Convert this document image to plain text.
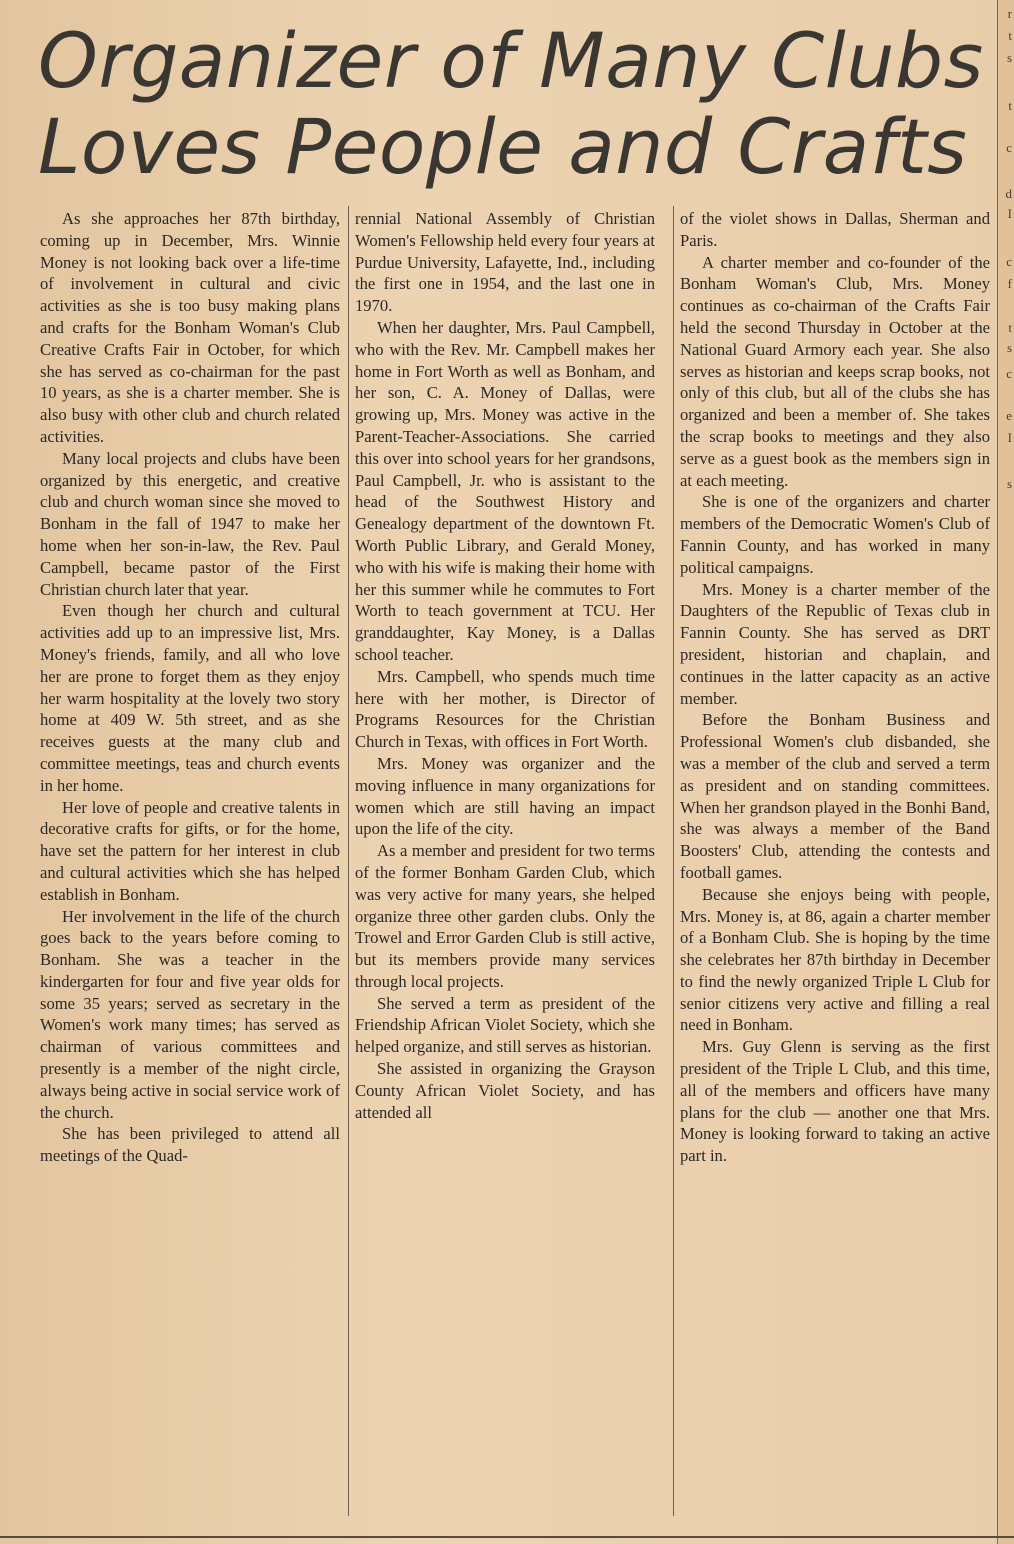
r
t
s
t
c
d
I
c
f
t
s
c
e
I
s
Organizer of Many Clubs
Loves People and Crafts

As she approaches her 87th birthday, coming up in December, Mrs. Winnie Money is not looking back over a life-time of involvement in cultural and civic activities as she is too busy making plans and crafts for the Bonham Woman's Club Creative Crafts Fair in October, for which she has served as co-chairman for the past 10 years, as she is a charter member. She is also busy with other club and church related activities.

Many local projects and clubs have been organized by this energetic, and creative club and church woman since she moved to Bonham in the fall of 1947 to make her home when her son-in-law, the Rev. Paul Campbell, became pastor of the First Christian church later that year.

Even though her church and cultural activities add up to an impressive list, Mrs. Money's friends, family, and all who love her are prone to forget them as they enjoy her warm hospitality at the lovely two story home at 409 W. 5th street, and as she receives guests at the many club and committee meetings, teas and church events in her home.

Her love of people and creative talents in decorative crafts for gifts, or for the home, have set the pattern for her interest in club and cultural activities which she has helped establish in Bonham.

Her involvement in the life of the church goes back to the years before coming to Bonham. She was a teacher in the kindergarten for four and five year olds for some 35 years; served as secretary in the Women's work many times; has served as chairman of various committees and presently is a member of the night circle, always being active in social service work of the church.

She has been privileged to attend all meetings of the Quad-

rennial National Assembly of Christian Women's Fellowship held every four years at Purdue University, Lafayette, Ind., including the first one in 1954, and the last one in 1970.

When her daughter, Mrs. Paul Campbell, who with the Rev. Mr. Campbell makes her home in Fort Worth as well as Bonham, and her son, C. A. Money of Dallas, were growing up, Mrs. Money was active in the Parent-Teacher-Associations. She carried this over into school years for her grandsons, Paul Campbell, Jr. who is assistant to the head of the Southwest History and Genealogy department of the downtown Ft. Worth Public Library, and Gerald Money, who with his wife is making their home with her this summer while he commutes to Fort Worth to teach government at TCU. Her granddaughter, Kay Money, is a Dallas school teacher.

Mrs. Campbell, who spends much time here with her mother, is Director of Programs Resources for the Christian Church in Texas, with offices in Fort Worth.

Mrs. Money was organizer and the moving influence in many organizations for women which are still having an impact upon the life of the city.

As a member and president for two terms of the former Bonham Garden Club, which was very active for many years, she helped organize three other garden clubs. Only the Trowel and Error Garden Club is still active, but its members provide many services through local projects.

She served a term as president of the Friendship African Violet Society, which she helped organize, and still serves as historian.

She assisted in organizing the Grayson County African Violet Society, and has attended all

of the violet shows in Dallas, Sherman and Paris.

A charter member and co-founder of the Bonham Woman's Club, Mrs. Money continues as co-chairman of the Crafts Fair held the second Thursday in October at the National Guard Armory each year. She also serves as historian and keeps scrap books, not only of this club, but all of the clubs she has organized and been a member of. She takes the scrap books to meetings and they also serve as a guest book as the members sign in at each meeting.

She is one of the organizers and charter members of the Democratic Women's Club of Fannin County, and has worked in many political campaigns.

Mrs. Money is a charter member of the Daughters of the Republic of Texas club in Fannin County. She has served as DRT president, historian and chaplain, and continues in the latter capacity as an active member.

Before the Bonham Business and Professional Women's club disbanded, she was a member of the club and served a term as president and on standing committees. When her grandson played in the Bonhi Band, she was always a member of the Band Boosters' Club, attending the contests and football games.

Because she enjoys being with people, Mrs. Money is, at 86, again a charter member of a Bonham Club. She is hoping by the time she celebrates her 87th birthday in December to find the newly organized Triple L Club for senior citizens very active and filling a real need in Bonham.

Mrs. Guy Glenn is serving as the first president of the Triple L Club, and this time, all of the members and officers have many plans for the club — another one that Mrs. Money is looking forward to taking an active part in.
